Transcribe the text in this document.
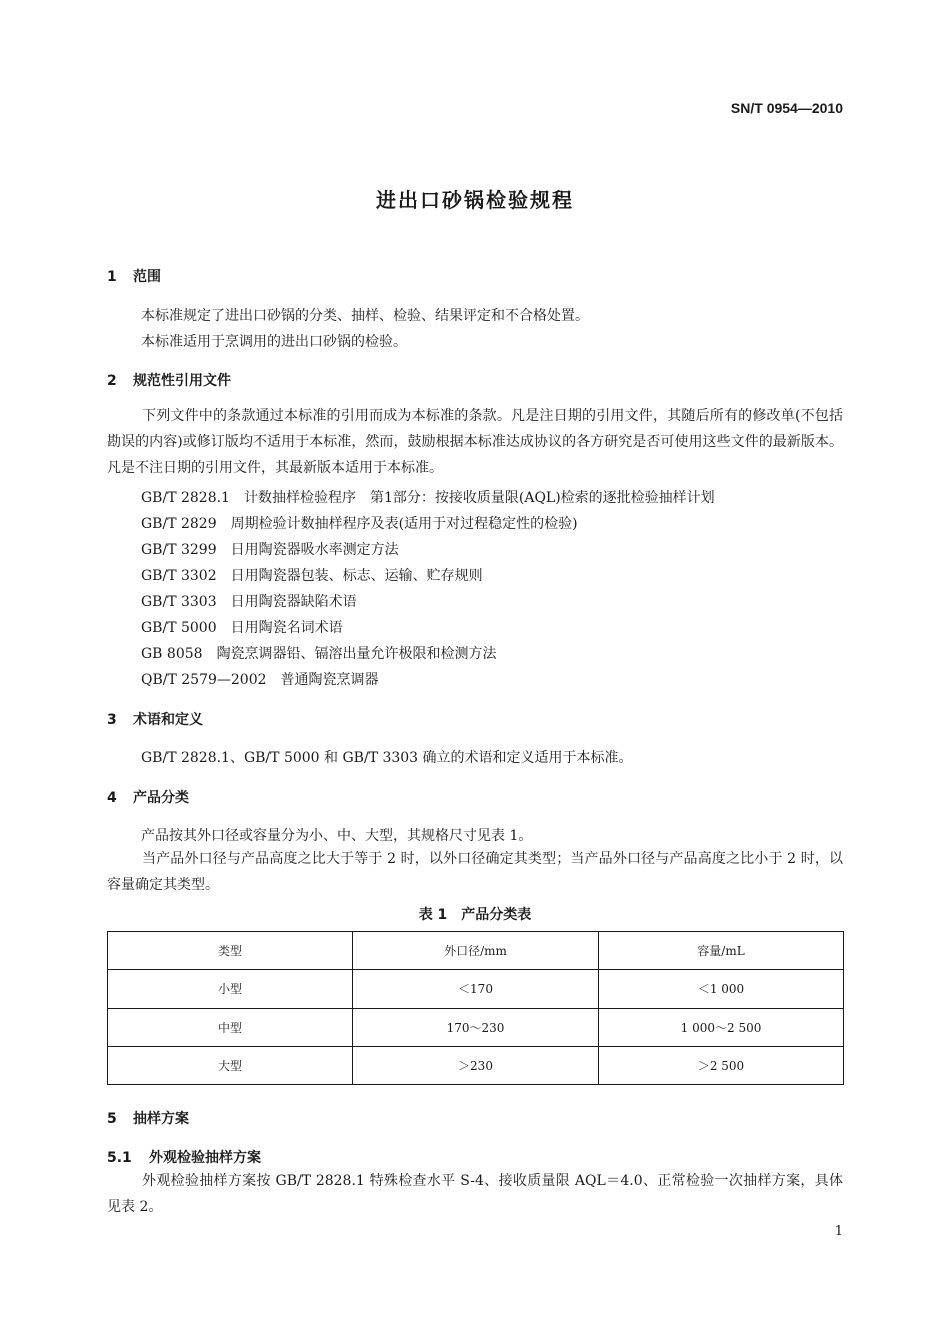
SN/T 0954—2010
进出口砂锅检验规程
1 范围
本标准规定了进出口砂锅的分类、抽样、检验、结果评定和不合格处置。
本标准适用于烹调用的进出口砂锅的检验。
2 规范性引用文件
下列文件中的条款通过本标准的引用而成为本标准的条款。凡是注日期的引用文件，其随后所有的修改单(不包括勘误的内容)或修订版均不适用于本标准，然而，鼓励根据本标准达成协议的各方研究是否可使用这些文件的最新版本。凡是不注日期的引用文件，其最新版本适用于本标准。
GB/T 2828.1 计数抽样检验程序　第1部分：按接收质量限(AQL)检索的逐批检验抽样计划
GB/T 2829 周期检验计数抽样程序及表(适用于对过程稳定性的检验)
GB/T 3299 日用陶瓷器吸水率测定方法
GB/T 3302 日用陶瓷器包装、标志、运输、贮存规则
GB/T 3303 日用陶瓷器缺陷术语
GB/T 5000 日用陶瓷名词术语
GB 8058 陶瓷烹调器铅、镉溶出量允许极限和检测方法
QB/T 2579—2002 普通陶瓷烹调器
3 术语和定义
GB/T 2828.1、GB/T 5000 和 GB/T 3303 确立的术语和定义适用于本标准。
4 产品分类
产品按其外口径或容量分为小、中、大型，其规格尺寸见表 1。
当产品外口径与产品高度之比大于等于 2 时，以外口径确定其类型；当产品外口径与产品高度之比小于 2 时，以容量确定其类型。
表 1　产品分类表
类型	外口径/mm	容量/mL
小型	＜170	＜1 000
中型	170～230	1 000～2 500
大型	＞230	＞2 500
5 抽样方案
5.1 外观检验抽样方案
外观检验抽样方案按 GB/T 2828.1 特殊检查水平 S-4、接收质量限 AQL＝4.0、正常检验一次抽样方案，具体见表 2。
1
